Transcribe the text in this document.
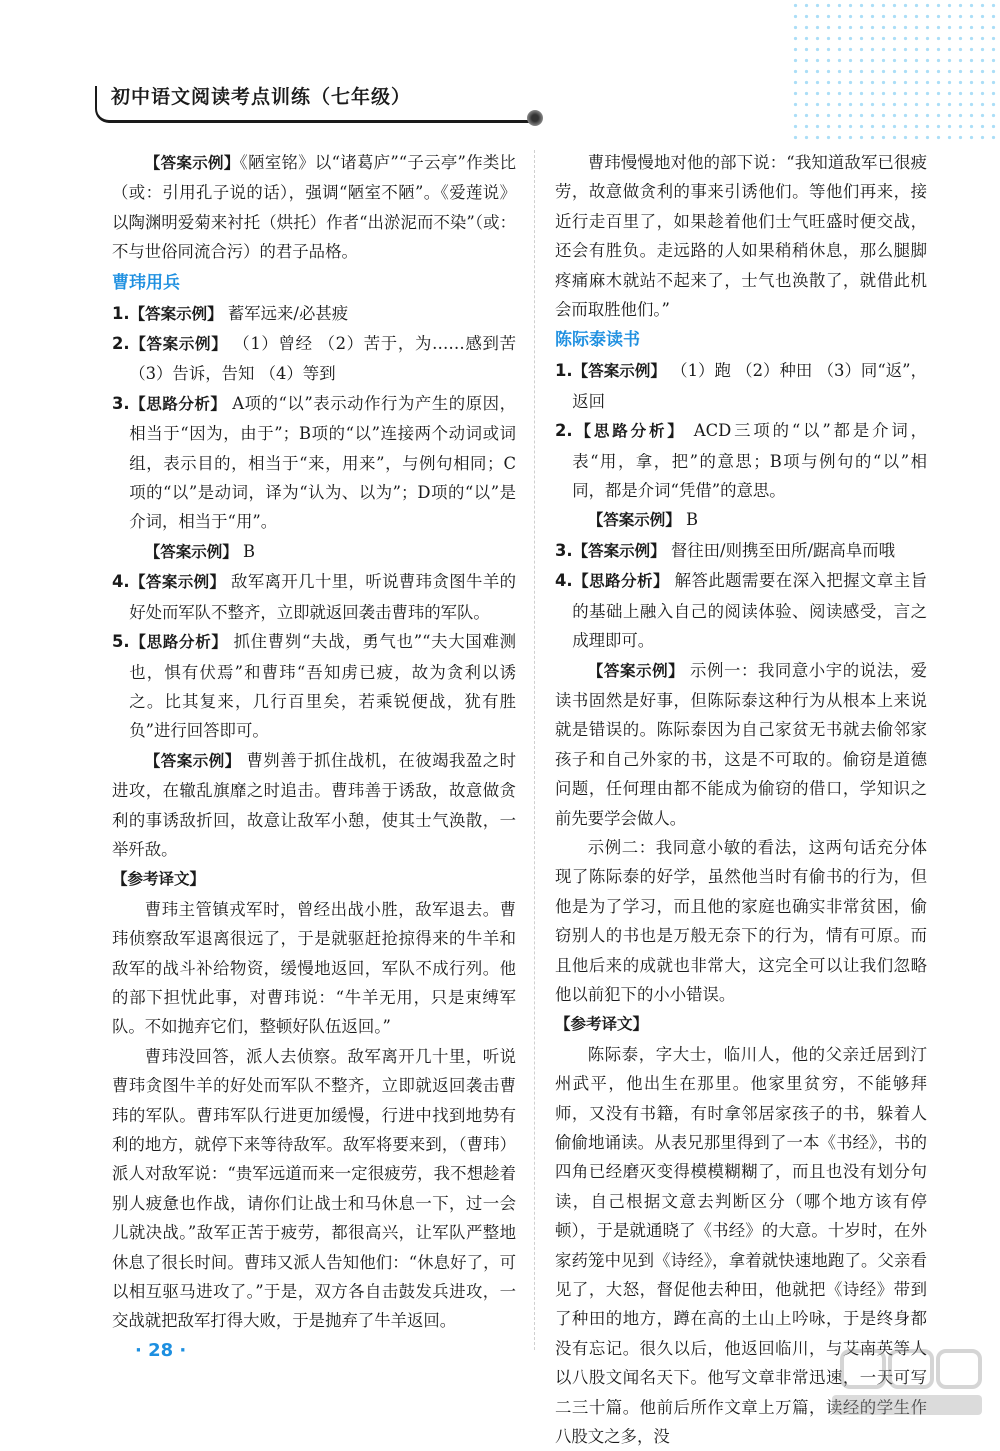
初中语文阅读考点训练（七年级）

【答案示例】《陋室铭》以“诸葛庐”“子云亭”作类比（或：引用孔子说的话），强调“陋室不陋”。《爱莲说》以陶渊明爱菊来衬托（烘托）作者“出淤泥而不染”（或：不与世俗同流合污）的君子品格。

曹玮用兵

1.【答案示例】 蓄军远来/必甚疲

2.【答案示例】 （1）曾经 （2）苦于，为……感到苦 （3）告诉，告知 （4）等到

3.【思路分析】 A项的“以”表示动作行为产生的原因，相当于“因为，由于”；B项的“以”连接两个动词或词组，表示目的，相当于“来，用来”，与例句相同；C项的“以”是动词，译为“认为、以为”；D项的“以”是介词，相当于“用”。

【答案示例】 B

4.【答案示例】 敌军离开几十里，听说曹玮贪图牛羊的好处而军队不整齐，立即就返回袭击曹玮的军队。

5.【思路分析】 抓住曹刿“夫战，勇气也”“夫大国难测也，惧有伏焉”和曹玮“吾知虏已疲，故为贪利以诱之。比其复来，几行百里矣，若乘锐便战，犹有胜负”进行回答即可。

【答案示例】 曹刿善于抓住战机，在彼竭我盈之时进攻，在辙乱旗靡之时追击。曹玮善于诱敌，故意做贪利的事诱敌折回，故意让敌军小憩，使其士气涣散，一举歼敌。

【参考译文】

曹玮主管镇戎军时，曾经出战小胜，敌军退去。曹玮侦察敌军退离很远了，于是就驱赶抢掠得来的牛羊和敌军的战斗补给物资，缓慢地返回，军队不成行列。他的部下担忧此事，对曹玮说：“牛羊无用，只是束缚军队。不如抛弃它们，整顿好队伍返回。”

曹玮没回答，派人去侦察。敌军离开几十里，听说曹玮贪图牛羊的好处而军队不整齐，立即就返回袭击曹玮的军队。曹玮军队行进更加缓慢，行进中找到地势有利的地方，就停下来等待敌军。敌军将要来到，（曹玮）派人对敌军说：“贵军远道而来一定很疲劳，我不想趁着别人疲惫也作战，请你们让战士和马休息一下，过一会儿就决战。”敌军正苦于疲劳，都很高兴，让军队严整地休息了很长时间。曹玮又派人告知他们：“休息好了，可以相互驱马进攻了。”于是，双方各自击鼓发兵进攻，一交战就把敌军打得大败，于是抛弃了牛羊返回。

曹玮慢慢地对他的部下说：“我知道敌军已很疲劳，故意做贪利的事来引诱他们。等他们再来，接近行走百里了，如果趁着他们士气旺盛时便交战，还会有胜负。走远路的人如果稍稍休息，那么腿脚疼痛麻木就站不起来了，士气也涣散了，就借此机会而取胜他们。”

陈际泰读书

1.【答案示例】 （1）跑 （2）种田 （3）同“返”，返回

2.【思路分析】 ACD三项的“以”都是介词，表“用，拿，把”的意思；B项与例句的“以”相同，都是介词“凭借”的意思。

【答案示例】 B

3.【答案示例】 督往田/则携至田所/踞高阜而哦

4.【思路分析】 解答此题需要在深入把握文章主旨的基础上融入自己的阅读体验、阅读感受，言之成理即可。

【答案示例】 示例一：我同意小宇的说法，爱读书固然是好事，但陈际泰这种行为从根本上来说就是错误的。陈际泰因为自己家贫无书就去偷邻家孩子和自己外家的书，这是不可取的。偷窃是道德问题，任何理由都不能成为偷窃的借口，学知识之前先要学会做人。

示例二：我同意小敏的看法，这两句话充分体现了陈际泰的好学，虽然他当时有偷书的行为，但他是为了学习，而且他的家庭也确实非常贫困，偷窃别人的书也是万般无奈下的行为，情有可原。而且他后来的成就也非常大，这完全可以让我们忽略他以前犯下的小小错误。

【参考译文】

陈际泰，字大士，临川人，他的父亲迁居到汀州武平，他出生在那里。他家里贫穷，不能够拜师，又没有书籍，有时拿邻居家孩子的书，躲着人偷偷地诵读。从表兄那里得到了一本《书经》，书的四角已经磨灭变得模模糊糊了，而且也没有划分句读，自己根据文意去判断区分（哪个地方该有停顿），于是就通晓了《书经》的大意。十岁时，在外家药笼中见到《诗经》，拿着就快速地跑了。父亲看见了，大怒，督促他去种田，他就把《诗经》带到了种田的地方，蹲在高的土山上吟咏，于是终身都没有忘记。很久以后，他返回临川，与艾南英等人以八股文闻名天下。他写文章非常迅速，一天可写二三十篇。他前后所作文章上万篇，读经的学生作八股文之多，没

· 28 ·
